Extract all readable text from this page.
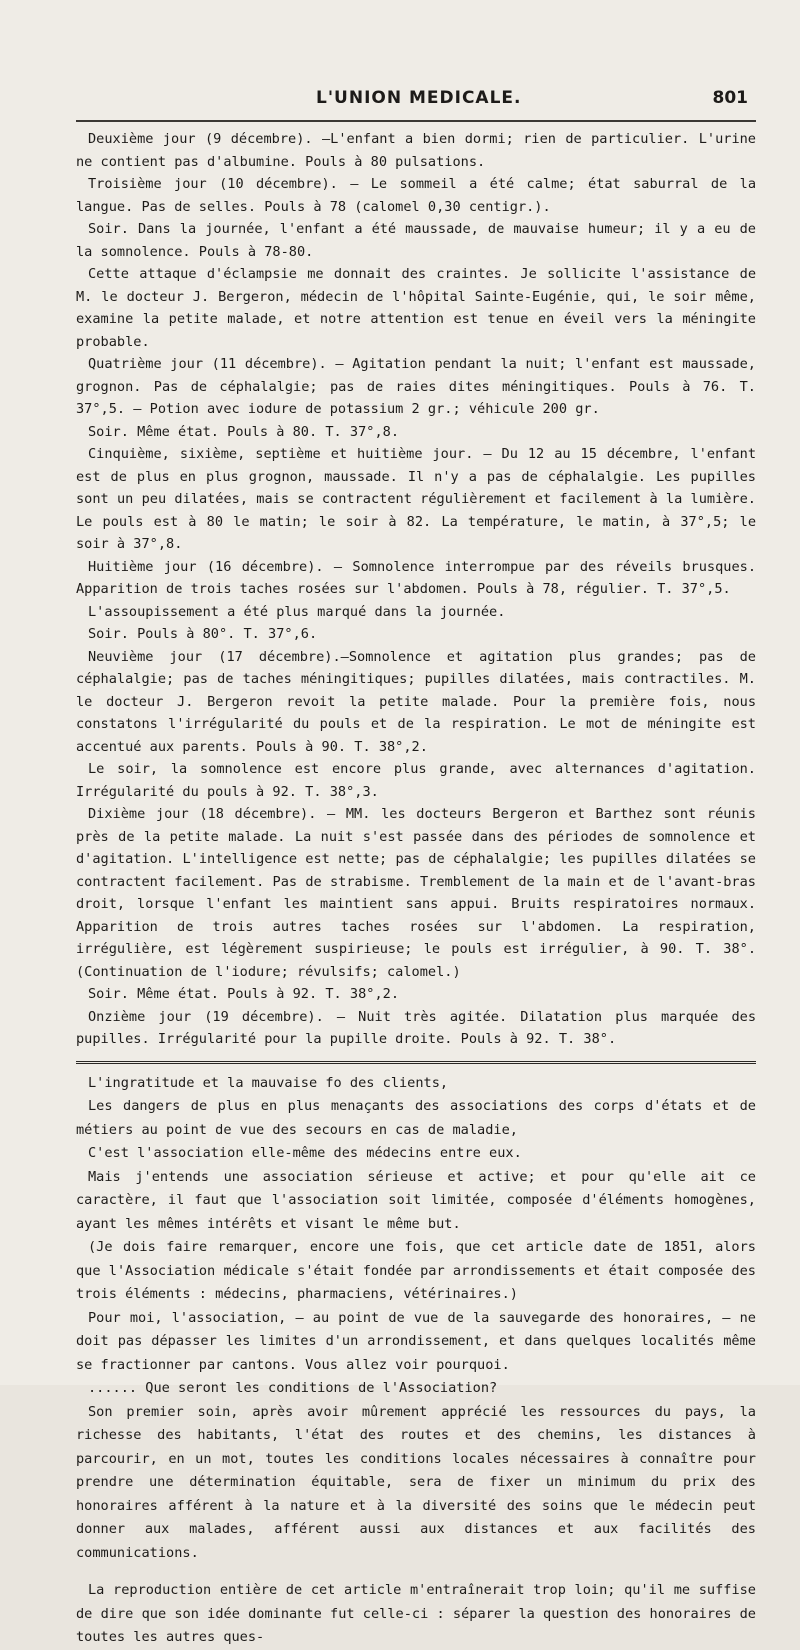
L'UNION MEDICALE.	801

Deuxième jour (9 décembre). —L'enfant a bien dormi; rien de particulier. L'urine ne contient pas d'albumine. Pouls à 80 pulsations.

Troisième jour (10 décembre). — Le sommeil a été calme; état saburral de la langue. Pas de selles. Pouls à 78 (calomel 0,30 centigr.).

Soir. Dans la journée, l'enfant a été maussade, de mauvaise humeur; il y a eu de la somnolence. Pouls à 78-80.

Cette attaque d'éclampsie me donnait des craintes. Je sollicite l'assistance de M. le docteur J. Bergeron, médecin de l'hôpital Sainte-Eugénie, qui, le soir même, examine la petite malade, et notre attention est tenue en éveil vers la méningite probable.

Quatrième jour (11 décembre). — Agitation pendant la nuit; l'enfant est maussade, grognon. Pas de céphalalgie; pas de raies dites méningitiques. Pouls à 76. T. 37°,5. — Potion avec iodure de potassium 2 gr.; véhicule 200 gr.

Soir. Même état. Pouls à 80. T. 37°,8.

Cinquième, sixième, septième et huitième jour. — Du 12 au 15 décembre, l'enfant est de plus en plus grognon, maussade. Il n'y a pas de céphalalgie. Les pupilles sont un peu dilatées, mais se contractent régulièrement et facilement à la lumière. Le pouls est à 80 le matin; le soir à 82. La température, le matin, à 37°,5; le soir à 37°,8.

Huitième jour (16 décembre). — Somnolence interrompue par des réveils brusques. Apparition de trois taches rosées sur l'abdomen. Pouls à 78, régulier. T. 37°,5.

L'assoupissement a été plus marqué dans la journée.

Soir. Pouls à 80°. T. 37°,6.

Neuvième jour (17 décembre).—Somnolence et agitation plus grandes; pas de céphalalgie; pas de taches méningitiques; pupilles dilatées, mais contractiles. M. le docteur J. Bergeron revoit la petite malade. Pour la première fois, nous constatons l'irrégularité du pouls et de la respiration. Le mot de méningite est accentué aux parents. Pouls à 90. T. 38°,2.

Le soir, la somnolence est encore plus grande, avec alternances d'agitation. Irrégularité du pouls à 92. T. 38°,3.

Dixième jour (18 décembre). — MM. les docteurs Bergeron et Barthez sont réunis près de la petite malade. La nuit s'est passée dans des périodes de somnolence et d'agitation. L'intelligence est nette; pas de céphalalgie; les pupilles dilatées se contractent facilement. Pas de strabisme. Tremblement de la main et de l'avant-bras droit, lorsque l'enfant les maintient sans appui. Bruits respiratoires normaux. Apparition de trois autres taches rosées sur l'abdomen. La respiration, irrégulière, est légèrement suspirieuse; le pouls est irrégulier, à 90. T. 38°. (Continuation de l'iodure; révulsifs; calomel.)

Soir. Même état. Pouls à 92. T. 38°,2.

Onzième jour (19 décembre). — Nuit très agitée. Dilatation plus marquée des pupilles. Irrégularité pour la pupille droite. Pouls à 92. T. 38°.

L'ingratitude et la mauvaise fo des clients,

Les dangers de plus en plus menaçants des associations des corps d'états et de métiers au point de vue des secours en cas de maladie,

C'est l'association elle-même des médecins entre eux.

Mais j'entends une association sérieuse et active; et pour qu'elle ait ce caractère, il faut que l'association soit limitée, composée d'éléments homogènes, ayant les mêmes intérêts et visant le même but.

(Je dois faire remarquer, encore une fois, que cet article date de 1851, alors que l'Association médicale s'était fondée par arrondissements et était composée des trois éléments : médecins, pharmaciens, vétérinaires.)

Pour moi, l'association, — au point de vue de la sauvegarde des honoraires, — ne doit pas dépasser les limites d'un arrondissement, et dans quelques localités même se fractionner par cantons. Vous allez voir pourquoi.

...... Que seront les conditions de l'Association?

Son premier soin, après avoir mûrement apprécié les ressources du pays, la richesse des habitants, l'état des routes et des chemins, les distances à parcourir, en un mot, toutes les conditions locales nécessaires à connaître pour prendre une détermination équitable, sera de fixer un minimum du prix des honoraires afférent à la nature et à la diversité des soins que le médecin peut donner aux malades, afférent aussi aux distances et aux facilités des communications.

La reproduction entière de cet article m'entraînerait trop loin; qu'il me suffise de dire que son idée dominante fut celle-ci : séparer la question des honoraires de toutes les autres ques-
